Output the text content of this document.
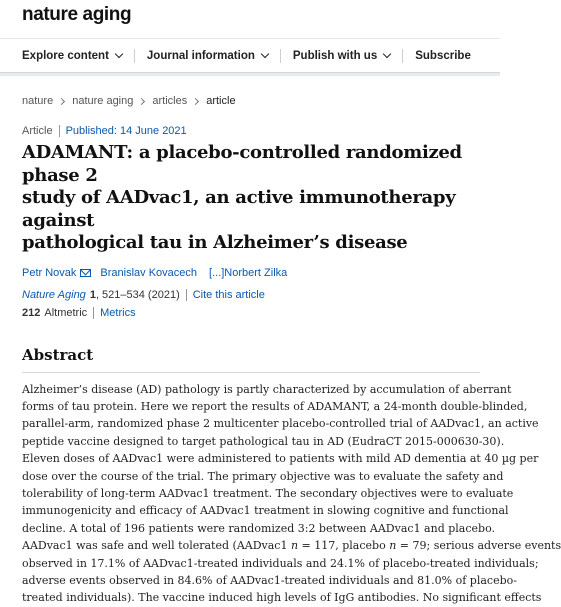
nature aging
Explore content	Journal information	Publish with us	Subscribe
nature nature aging articles article
Article Published: 14 June 2021
ADAMANT: a placebo-controlled randomized phase 2
study of AADvac1, an active immunotherapy against
pathological tau in Alzheimer’s disease
Petr Novak Branislav Kovacech [...]Norbert Zilka
Nature Aging 1 , 521–534 (2021) Cite this article
212 Altmetric Metrics
Abstract
Alzheimer’s disease (AD) pathology is partly characterized by accumulation of aberrant
forms of tau protein. Here we report the results of ADAMANT, a 24-month double-blinded,
parallel-arm, randomized phase 2 multicenter placebo-controlled trial of AADvac1, an active
peptide vaccine designed to target pathological tau in AD (EudraCT 2015-000630-30).
Eleven doses of AADvac1 were administered to patients with mild AD dementia at 40 µg per
dose over the course of the trial. The primary objective was to evaluate the safety and
tolerability of long-term AADvac1 treatment. The secondary objectives were to evaluate
immunogenicity and efficacy of AADvac1 treatment in slowing cognitive and functional
decline. A total of 196 patients were randomized 3:2 between AADvac1 and placebo.
AADvac1 was safe and well tolerated (AADvac1 n = 117, placebo n = 79; serious adverse events
observed in 17.1% of AADvac1-treated individuals and 24.1% of placebo-treated individuals;
adverse events observed in 84.6% of AADvac1-treated individuals and 81.0% of placebo-
treated individuals). The vaccine induced high levels of IgG antibodies. No significant effects
